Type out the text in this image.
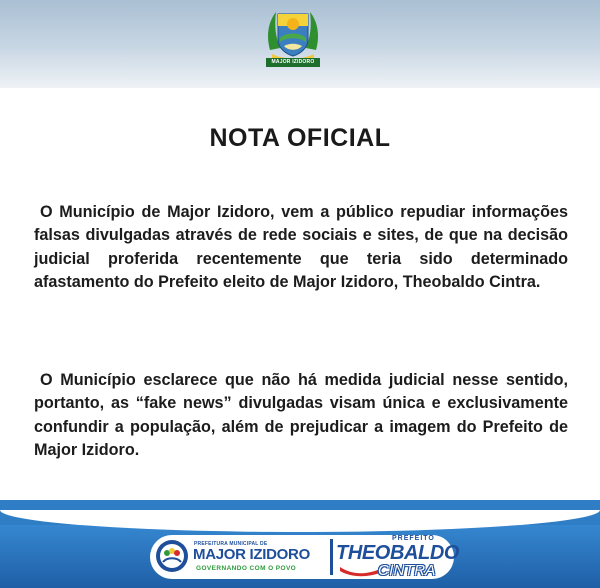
MAJOR IZIDORO
NOTA OFICIAL
O Município de Major Izidoro, vem a público repudiar informações falsas divulgadas através de rede sociais e sites, de que na decisão judicial proferida recentemente que teria sido determinado afastamento do Prefeito eleito de Major Izidoro, Theobaldo Cintra.
O Município esclarece que não há medida judicial nesse sentido, portanto, as “fake news” divulgadas visam única e exclusivamente confundir a população, além de prejudicar a imagem do Prefeito de Major Izidoro.
PREFEITURA MUNICIPAL DE
MAJOR IZIDORO
GOVERNANDO COM O POVO
PREFEITO
THEOBALDO
CINTRA
